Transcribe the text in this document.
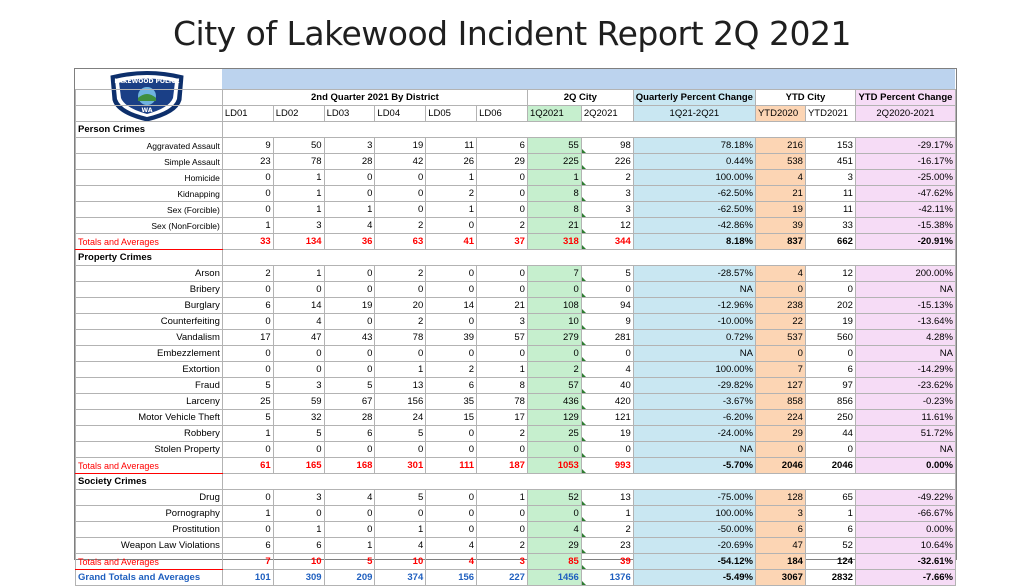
City of Lakewood Incident Report 2Q 2021
LAKEWOOD POLICE
WA
	2nd Quarter 2021 By District						2Q City		Quarterly Percent Change	YTD City		YTD Percent Change
	LD01	LD02	LD03	LD04	LD05	LD06	1Q2021	2Q2021	1Q21-2Q21	YTD2020	YTD2021	2Q2020-2021
Person Crimes												
Aggravated Assault	9	50	3	19	11	6	55	98	78.18%	216	153	-29.17%
Simple Assault	23	78	28	42	26	29	225	226	0.44%	538	451	-16.17%
Homicide	0	1	0	0	1	0	1	2	100.00%	4	3	-25.00%
Kidnapping	0	1	0	0	2	0	8	3	-62.50%	21	11	-47.62%
Sex (Forcible)	0	1	1	0	1	0	8	3	-62.50%	19	11	-42.11%
Sex (NonForcible)	1	3	4	2	0	2	21	12	-42.86%	39	33	-15.38%
Totals and Averages	33	134	36	63	41	37	318	344	8.18%	837	662	-20.91%
Property Crimes												
Arson	2	1	0	2	0	0	7	5	-28.57%	4	12	200.00%
Bribery	0	0	0	0	0	0	0	0	NA	0	0	NA
Burglary	6	14	19	20	14	21	108	94	-12.96%	238	202	-15.13%
Counterfeiting	0	4	0	2	0	3	10	9	-10.00%	22	19	-13.64%
Vandalism	17	47	43	78	39	57	279	281	0.72%	537	560	4.28%
Embezzlement	0	0	0	0	0	0	0	0	NA	0	0	NA
Extortion	0	0	0	1	2	1	2	4	100.00%	7	6	-14.29%
Fraud	5	3	5	13	6	8	57	40	-29.82%	127	97	-23.62%
Larceny	25	59	67	156	35	78	436	420	-3.67%	858	856	-0.23%
Motor Vehicle Theft	5	32	28	24	15	17	129	121	-6.20%	224	250	11.61%
Robbery	1	5	6	5	0	2	25	19	-24.00%	29	44	51.72%
Stolen Property	0	0	0	0	0	0	0	0	NA	0	0	NA
Totals and Averages	61	165	168	301	111	187	1053	993	-5.70%	2046	2046	0.00%
Society Crimes												
Drug	0	3	4	5	0	1	52	13	-75.00%	128	65	-49.22%
Pornography	1	0	0	0	0	0	0	1	100.00%	3	1	-66.67%
Prostitution	0	1	0	1	0	0	4	2	-50.00%	6	6	0.00%
Weapon Law Violations	6	6	1	4	4	2	29	23	-20.69%	47	52	10.64%
Totals and Averages	7	10	5	10	4	3	85	39	-54.12%	184	124	-32.61%
Grand Totals and Averages	101	309	209	374	156	227	1456	1376	-5.49%	3067	2832	-7.66%
